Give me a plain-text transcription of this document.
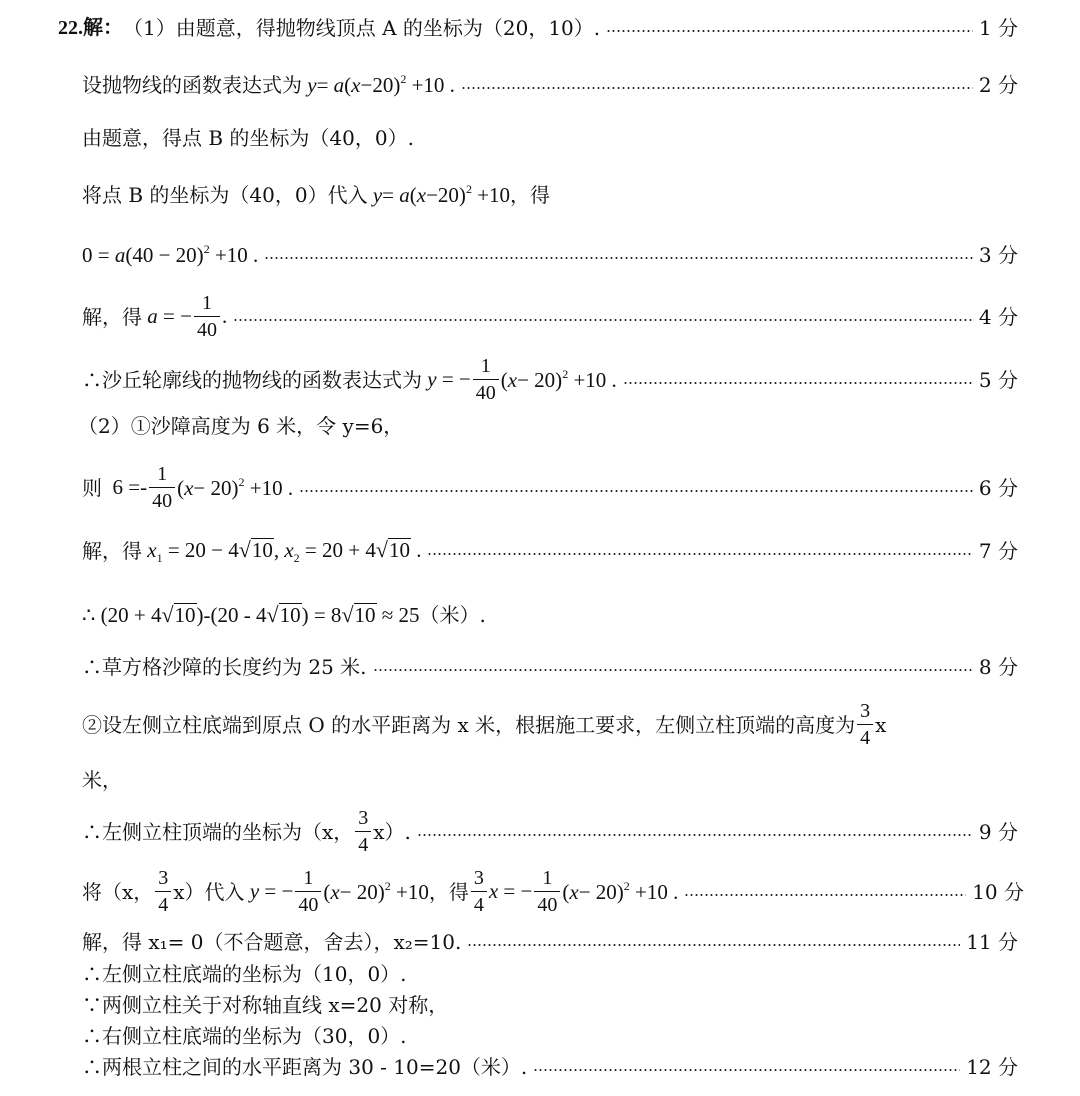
22.解： （1）由题意，得抛物线顶点 A 的坐标为（20，10）.	1 分
设抛物线的函数表达式为 $y= a(x-20)^2 +10$ .	2 分
由题意，得点 B 的坐标为（40，0）.
将点 B 的坐标为（40，0）代入 $y= a(x-20)^2 +10$ ，得
$0 = a(40 - 20)^2 +10$ .	3 分
解，得 a = − $\frac{1}{40}$ .	4 分
∴沙丘轮廓线的抛物线的函数表达式为 y = − $\frac{1}{40} (x- 20)^2 +10$ .	5 分
（2）①沙障高度为 6 米，令 y=6，
则 $6 =- \frac{1}{40} (x- 20)^2 +10$ .	6 分
解，得 $x_1 = 20 - 4$ √ 10 , $x_2 = 20 + 4$ √ 10 .	7 分
∴ (20 + 4 √ 10 )-(20 - 4 √ 10 ) = 8 √ 10 ≈ 25 （米）.
∴草方格沙障的长度约为 25 米.	8 分
②设左侧立柱底端到原点 O 的水平距离为 x 米，根据施工要求，左侧立柱顶端的高度为 $\frac{3}{4}$ x
米，
∴左侧立柱顶端的坐标为（x， $\frac{3}{4} x$）.	9 分
将（x， $\frac{3}{4} x$）代入 y = − $\frac{1}{40} (x- 20)^2 +10$ ，得 $\frac{3}{4}$ x = − $\frac{1}{40} (x- 20)^2 +10$ .	10 分
解，得 x₁= 0（不合题意，舍去），x₂=10.	11 分
∴左侧立柱底端的坐标为（10，0）.
∵两侧立柱关于对称轴直线 x=20 对称，
∴右侧立柱底端的坐标为（30，0）.
∴两根立柱之间的水平距离为 30 - 10=20（米）.	12 分
